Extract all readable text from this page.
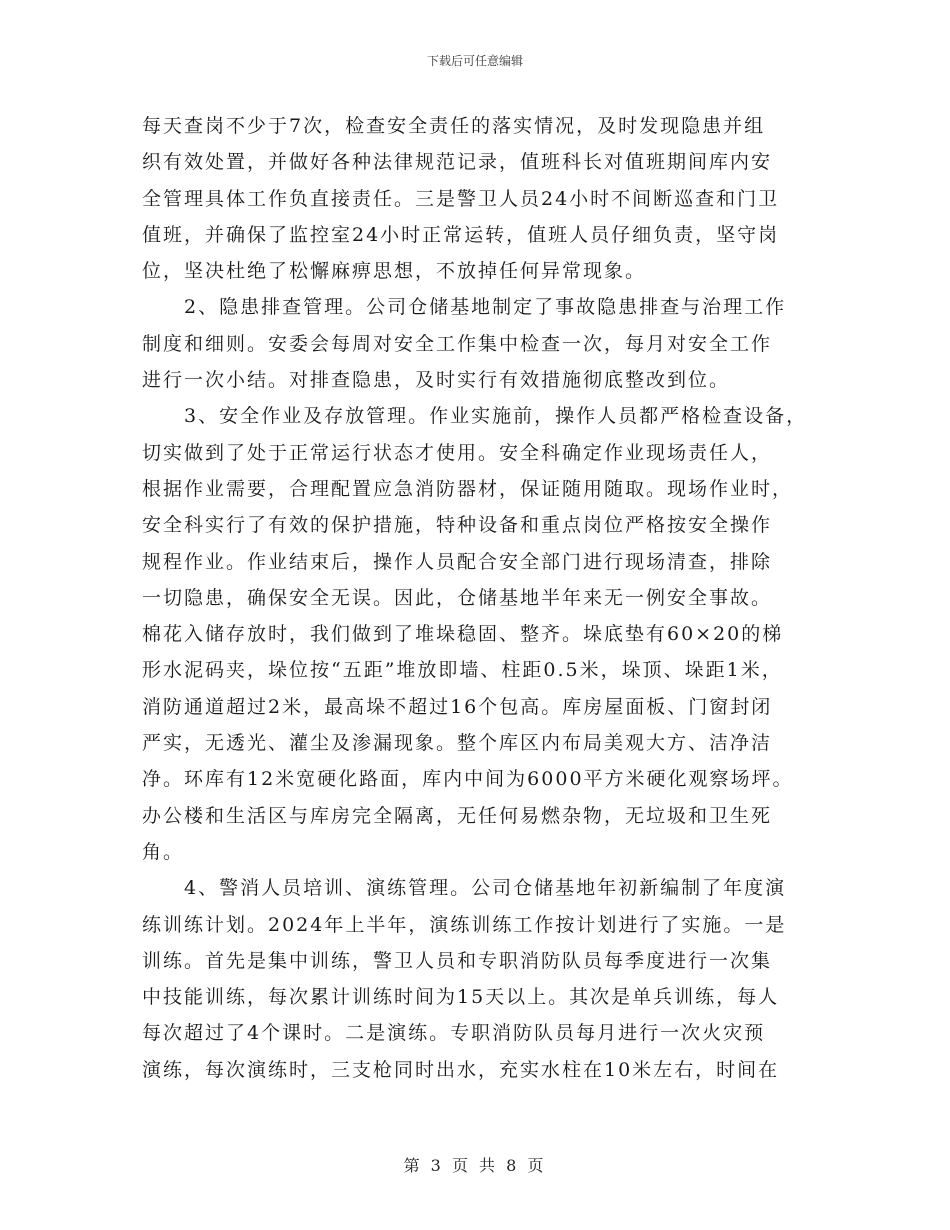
下载后可任意编辑
每天查岗不少于7次，检查安全责任的落实情况，及时发现隐患并组
织有效处置，并做好各种法律规范记录，值班科长对值班期间库内安
全管理具体工作负直接责任。三是警卫人员24小时不间断巡查和门卫
值班，并确保了监控室24小时正常运转，值班人员仔细负责，坚守岗
位，坚决杜绝了松懈麻痹思想，不放掉任何异常现象。
　　2、隐患排查管理。公司仓储基地制定了事故隐患排查与治理工作
制度和细则。安委会每周对安全工作集中检查一次，每月对安全工作
进行一次小结。对排查隐患，及时实行有效措施彻底整改到位。
　　3、安全作业及存放管理。作业实施前，操作人员都严格检查设备，
切实做到了处于正常运行状态才使用。安全科确定作业现场责任人，
根据作业需要，合理配置应急消防器材，保证随用随取。现场作业时，
安全科实行了有效的保护措施，特种设备和重点岗位严格按安全操作
规程作业。作业结束后，操作人员配合安全部门进行现场清查，排除
一切隐患，确保安全无误。因此，仓储基地半年来无一例安全事故。
棉花入储存放时，我们做到了堆垛稳固、整齐。垛底垫有60×20的梯
形水泥码夹，垛位按“五距”堆放即墙、柱距0.5米，垛顶、垛距1米，
消防通道超过2米，最高垛不超过16个包高。库房屋面板、门窗封闭
严实，无透光、灌尘及渗漏现象。整个库区内布局美观大方、洁净洁
净。环库有12米宽硬化路面，库内中间为6000平方米硬化观察场坪。
办公楼和生活区与库房完全隔离，无任何易燃杂物，无垃圾和卫生死
角。
　　4、警消人员培训、演练管理。公司仓储基地年初新编制了年度演
练训练计划。2024年上半年，演练训练工作按计划进行了实施。一是
训练。首先是集中训练，警卫人员和专职消防队员每季度进行一次集
中技能训练，每次累计训练时间为15天以上。其次是单兵训练，每人
每次超过了4个课时。二是演练。专职消防队员每月进行一次火灾预
演练，每次演练时，三支枪同时出水，充实水柱在10米左右，时间在
第 3 页 共 8 页
